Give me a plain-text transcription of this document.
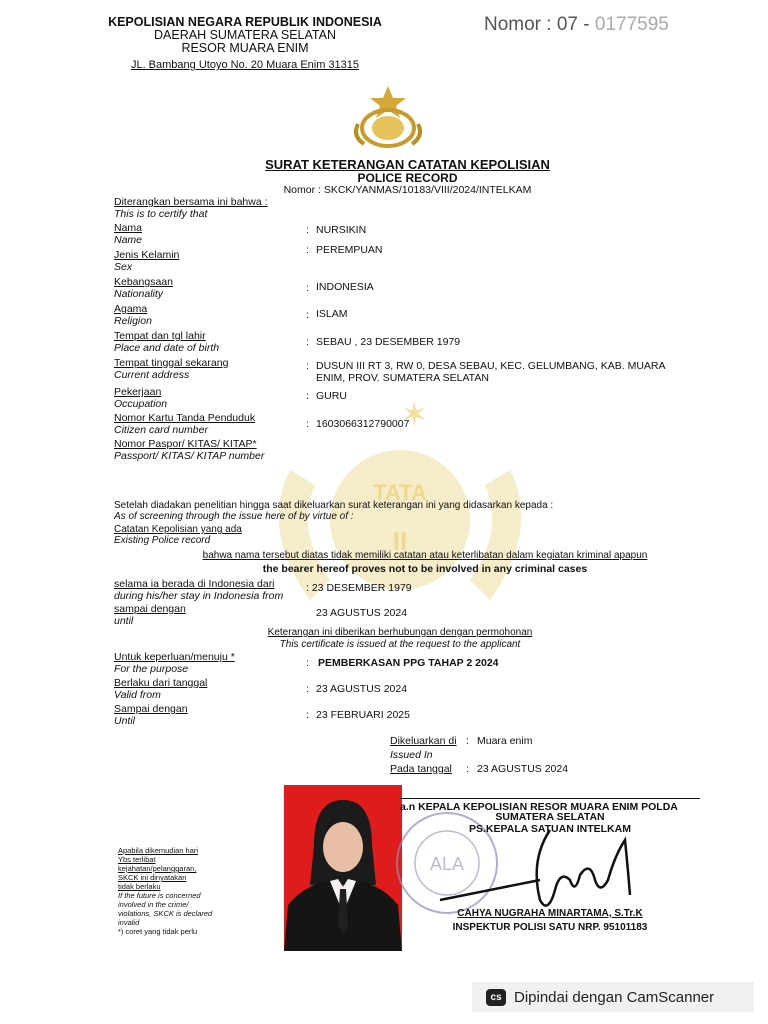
TATA
II
✶
KEPOLISIAN NEGARA REPUBLIK INDONESIA
DAERAH SUMATERA SELATAN
RESOR MUARA ENIM
JL. Bambang Utoyo No. 20 Muara Enim 31315
Nomor : 07 - 0177595
SURAT KETERANGAN CATATAN KEPOLISIAN
POLICE RECORD
Nomor : SKCK/YANMAS/10183/VIII/2024/INTELKAM
Diterangkan bersama ini bahwa :
This is to certify that
Nama
Name
: NURSIKIN
Jenis Kelamin
Sex
: PEREMPUAN
Kebangsaan
Nationality	: INDONESIA
Agama
Religion	: ISLAM
Tempat dan tgl lahir
Place and date of birth	: SEBAU , 23 DESEMBER 1979
Tempat tinggal sekarang
Current address
: DUSUN III RT 3, RW 0, DESA SEBAU, KEC. GELUMBANG, KAB. MUARA
ENIM, PROV. SUMATERA SELATAN
Pekerjaan
Occupation
: GURU
Nomor Kartu Tanda Penduduk
Citizen card number	: 1603066312790007
Nomor Paspor/ KITAS/ KITAP*
Passport/ KITAS/ KITAP number
Setelah diadakan penelitian hingga saat dikeluarkan surat keterangan ini yang didasarkan kepada :
As of screening through the issue here of by virtue of :
Catatan Kepolisian yang ada
Existing Police record
bahwa nama tersebut diatas tidak memiliki catatan atau keterlibatan dalam kegiatan kriminal apapun
the bearer hereof proves not to be involved in any criminal cases
selama ia berada di Indonesia dari
during his/her stay in Indonesia from
: 23 DESEMBER 1979
sampai dengan
until
23 AGUSTUS 2024
Keterangan ini diberikan berhubungan dengan permohonan
This certificate is issued at the request to the applicant
Untuk keperluan/menuju *
For the purpose	: PEMBERKASAN PPG TAHAP 2 2024
Berlaku dari tanggal
Valid from	: 23 AGUSTUS 2024
Sampai dengan
Until	: 23 FEBRUARI 2025
Dikeluarkan di : Muara enim
Issued In
Pada tanggal : 23 AGUSTUS 2024
ALA
a.n KEPALA KEPOLISIAN RESOR MUARA ENIM POLDA
SUMATERA SELATAN
PS.KEPALA SATUAN INTELKAM
CAHYA NUGRAHA MINARTAMA, S.Tr.K
INSPEKTUR POLISI SATU NRP. 95101183
Apabila dikemudian hari
Ybs terlibat
kejahatan/pelanggaran,
SKCK ini dinyatakan
tidak berlaku
If the future is concerned
involved in the crime/
violations, SKCK is declared
invalid
*) coret yang tidak perlu
cs Dipindai dengan CamScanner
